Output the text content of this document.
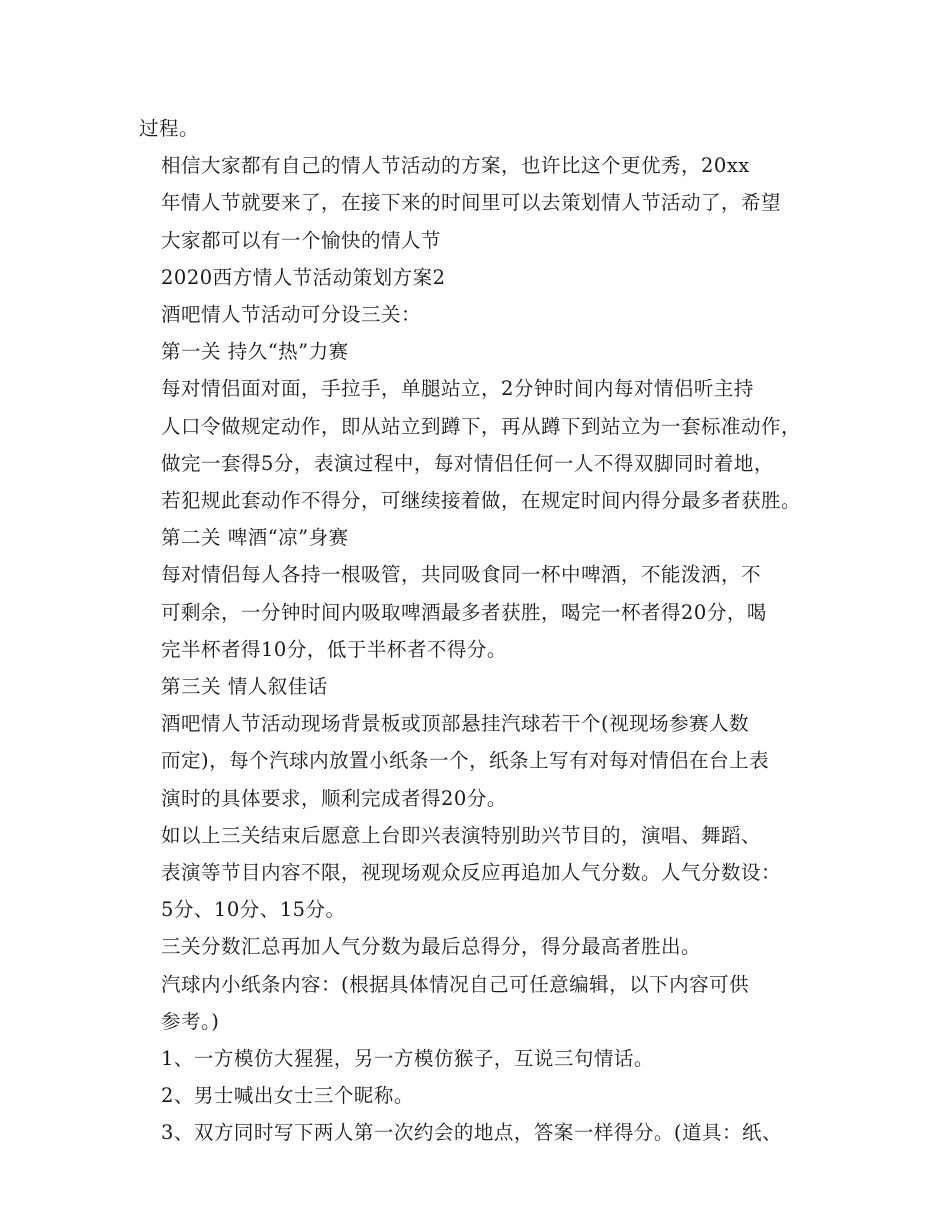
过程。
相信大家都有自己的情人节活动的方案，也许比这个更优秀，20xx
年情人节就要来了，在接下来的时间里可以去策划情人节活动了，希望
大家都可以有一个愉快的情人节
2020西方情人节活动策划方案2
酒吧情人节活动可分设三关：
第一关 持久“热”力赛
每对情侣面对面，手拉手，单腿站立，2分钟时间内每对情侣听主持
人口令做规定动作，即从站立到蹲下，再从蹲下到站立为一套标准动作，
做完一套得5分，表演过程中，每对情侣任何一人不得双脚同时着地，
若犯规此套动作不得分，可继续接着做，在规定时间内得分最多者获胜。
第二关 啤酒“凉”身赛
每对情侣每人各持一根吸管，共同吸食同一杯中啤酒，不能泼洒，不
可剩余，一分钟时间内吸取啤酒最多者获胜，喝完一杯者得20分，喝
完半杯者得10分，低于半杯者不得分。
第三关 情人叙佳话
酒吧情人节活动现场背景板或顶部悬挂汽球若干个(视现场参赛人数
而定)，每个汽球内放置小纸条一个，纸条上写有对每对情侣在台上表
演时的具体要求，顺利完成者得20分。
如以上三关结束后愿意上台即兴表演特别助兴节目的，演唱、舞蹈、
表演等节目内容不限，视现场观众反应再追加人气分数。人气分数设：
5分、10分、15分。
三关分数汇总再加人气分数为最后总得分，得分最高者胜出。
汽球内小纸条内容：(根据具体情况自己可任意编辑，以下内容可供
参考。)
1、一方模仿大猩猩，另一方模仿猴子，互说三句情话。
2、男士喊出女士三个昵称。
3、双方同时写下两人第一次约会的地点，答案一样得分。(道具：纸、
